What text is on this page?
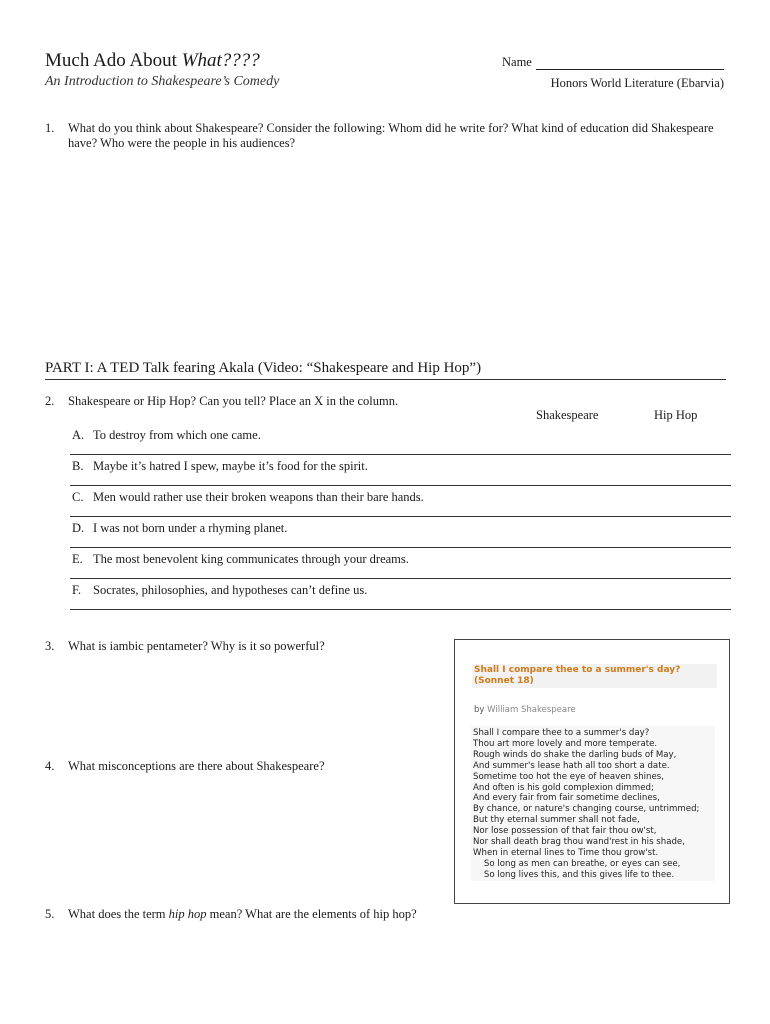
Much Ado About What????
An Introduction to Shakespeare’s Comedy
Name
Honors World Literature (Ebarvia)
1.	What do you think about Shakespeare? Consider the following: Whom did he write for? What kind of education did Shakespeare have? Who were the people in his audiences?
PART I: A TED Talk fearing Akala (Video: “Shakespeare and Hip Hop”)
2.	Shakespeare or Hip Hop? Can you tell? Place an X in the column.
Shakespeare	Hip Hop
A. To destroy from which one came.
B. Maybe it’s hatred I spew, maybe it’s food for the spirit.
C. Men would rather use their broken weapons than their bare hands.
D. I was not born under a rhyming planet.
E. The most benevolent king communicates through your dreams.
F. Socrates, philosophies, and hypotheses can’t define us.
3.	What is iambic pentameter? Why is it so powerful?
4.	What misconceptions are there about Shakespeare?
5.	What does the term hip hop mean? What are the elements of hip hop?
Shall I compare thee to a summer's day?
(Sonnet 18)
by William Shakespeare
Shall I compare thee to a summer's day?
Thou art more lovely and more temperate.
Rough winds do shake the darling buds of May,
And summer's lease hath all too short a date.
Sometime too hot the eye of heaven shines,
And often is his gold complexion dimmed;
And every fair from fair sometime declines,
By chance, or nature's changing course, untrimmed;
But thy eternal summer shall not fade,
Nor lose possession of that fair thou ow'st,
Nor shall death brag thou wand'rest in his shade,
When in eternal lines to Time thou grow'st.
So long as men can breathe, or eyes can see,
So long lives this, and this gives life to thee.
